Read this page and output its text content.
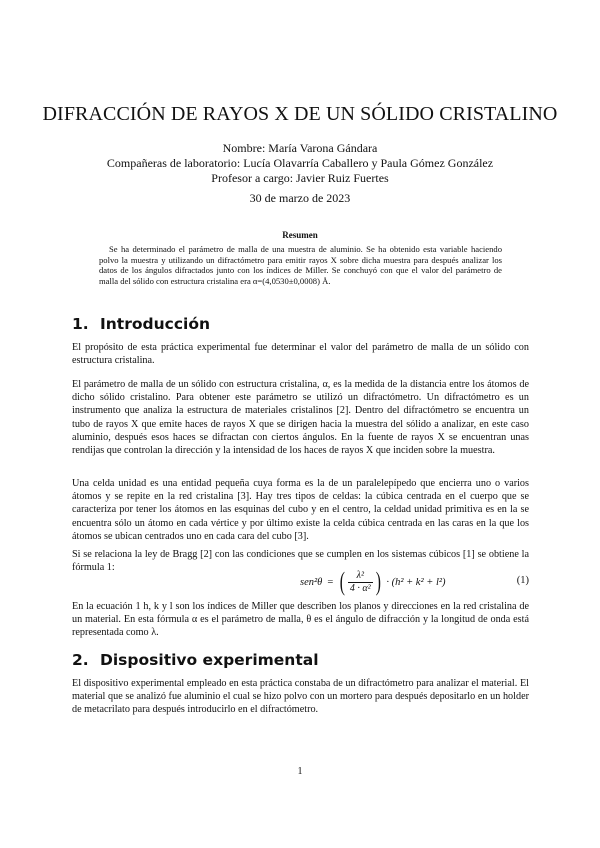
DIFRACCIÓN DE RAYOS X DE UN SÓLIDO CRISTALINO
Nombre: María Varona Gándara
Compañeras de laboratorio: Lucía Olavarría Caballero y Paula Gómez González
Profesor a cargo: Javier Ruiz Fuertes
30 de marzo de 2023
Resumen
Se ha determinado el parámetro de malla de una muestra de aluminio. Se ha obtenido esta variable haciendo polvo la muestra y utilizando un difractómetro para emitir rayos X sobre dicha muestra para después analizar los datos de los ángulos difractados junto con los índices de Miller. Se conchuyó con que el valor del parámetro de malla del sólido con estructura cristalina era α=(4,0530±0,0008) Å.
1. Introducción
El propósito de esta práctica experimental fue determinar el valor del parámetro de malla de un sólido con estructura cristalina.
El parámetro de malla de un sólido con estructura cristalina, α, es la medida de la distancia entre los átomos de dicho sólido cristalino. Para obtener este parámetro se utilizó un difractómetro. Un difractómetro es un instrumento que analiza la estructura de materiales cristalinos [2]. Dentro del difractómetro se encuentra un tubo de rayos X que emite haces de rayos X que se dirigen hacia la muestra del sólido a analizar, en este caso aluminio, después esos haces se difractan con ciertos ángulos. En la fuente de rayos X se encuentran unas rendijas que controlan la dirección y la intensidad de los haces de rayos X que inciden sobre la muestra.
Una celda unidad es una entidad pequeña cuya forma es la de un paralelepípedo que encierra uno o varios átomos y se repite en la red cristalina [3]. Hay tres tipos de celdas: la cúbica centrada en el cuerpo que se caracteriza por tener los átomos en las esquinas del cubo y en el centro, la celdad unidad primitiva es en la se encuentra sólo un átomo en cada vértice y por último existe la celda cúbica centrada en las caras en la que los átomos se ubican centrados uno en cada cara del cubo [3].
Si se relaciona la ley de Bragg [2] con las condiciones que se cumplen en los sistemas cúbicos [1] se obtiene la fórmula 1:
sen²θ = ( $\frac{\text{λ²}}{\text{4 · α²}}$ ) · (h² + k² + l²)	(1)
En la ecuación 1 h, k y l son los índices de Miller que describen los planos y direcciones en la red cristalina de un material. En esta fórmula α es el parámetro de malla, θ es el ángulo de difracción y la longitud de onda está representada como λ.
2. Dispositivo experimental
El dispositivo experimental empleado en esta práctica constaba de un difractómetro para analizar el material. El material que se analizó fue aluminio el cual se hizo polvo con un mortero para después depositarlo en un holder de metacrilato para después introducirlo en el difractómetro.
1
